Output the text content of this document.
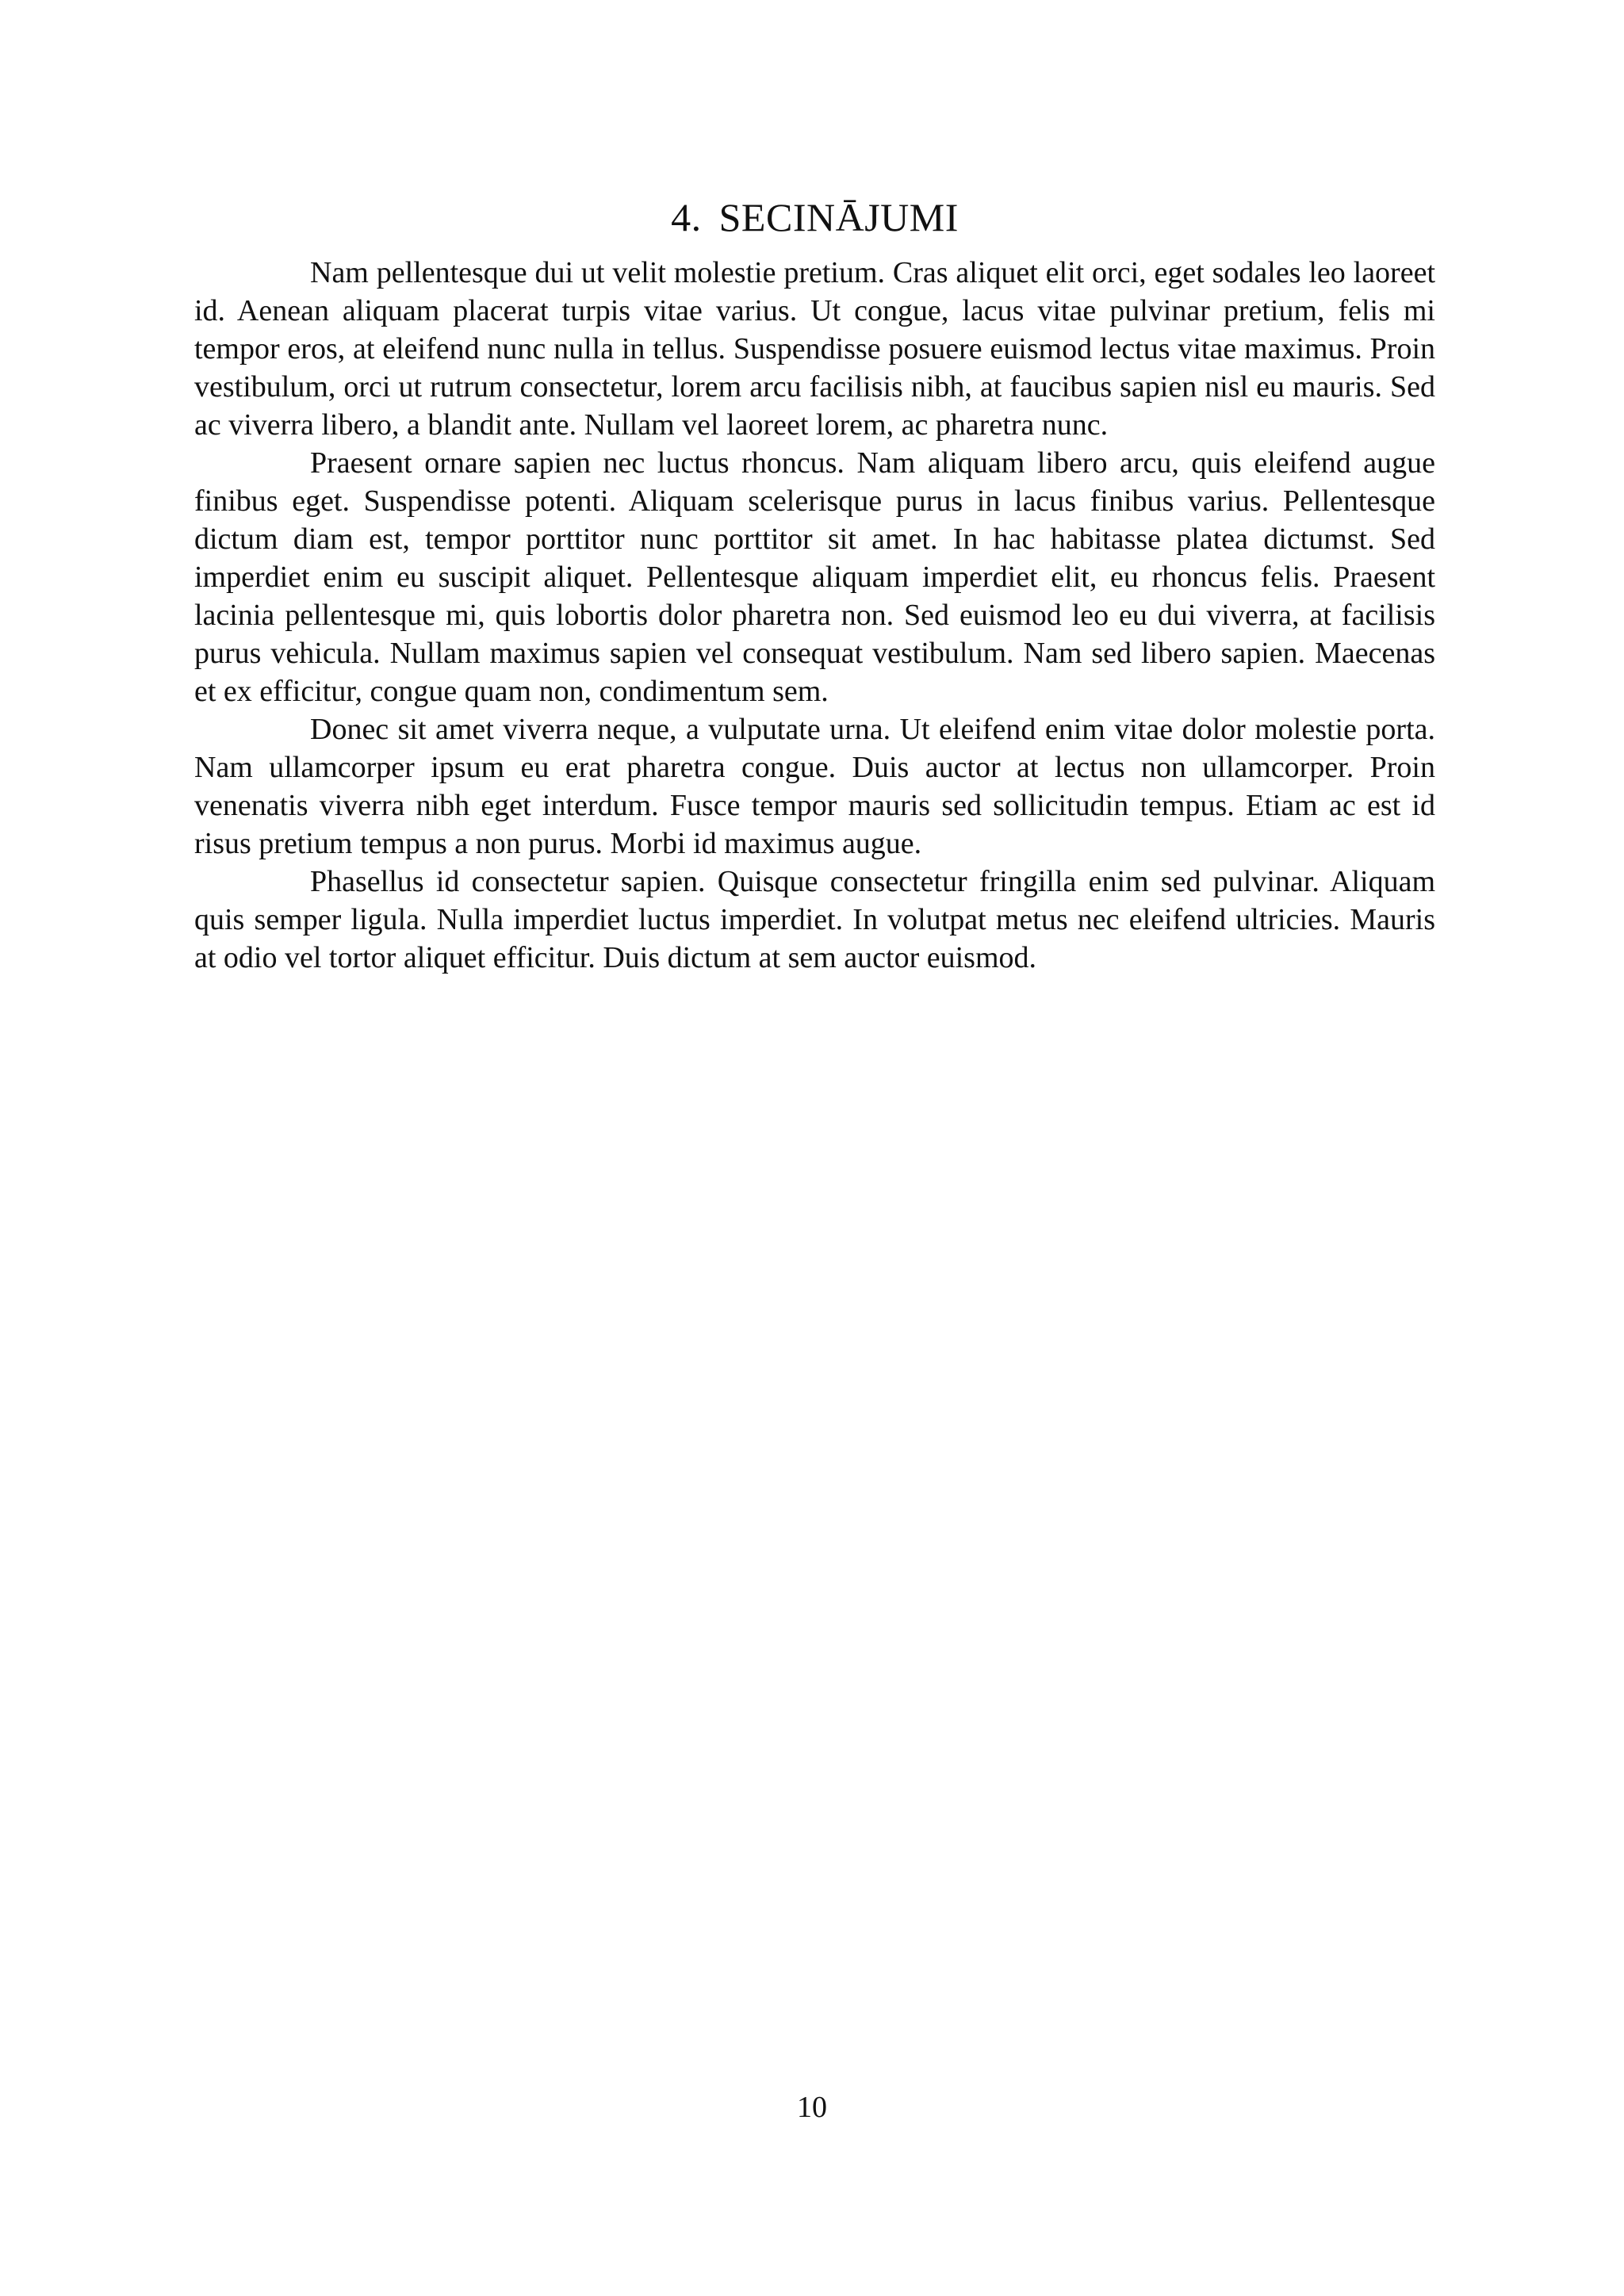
4. SECINĀJUMI

Nam pellentesque dui ut velit molestie pretium. Cras aliquet elit orci, eget sodales leo laoreet id. Aenean aliquam placerat turpis vitae varius. Ut congue, lacus vitae pulvinar pretium, felis mi tempor eros, at eleifend nunc nulla in tellus. Suspendisse posuere euismod lectus vitae maximus. Proin vestibulum, orci ut rutrum consectetur, lorem arcu facilisis nibh, at faucibus sapien nisl eu mauris. Sed ac viverra libero, a blandit ante. Nullam vel laoreet lorem, ac pharetra nunc.

Praesent ornare sapien nec luctus rhoncus. Nam aliquam libero arcu, quis eleifend augue finibus eget. Suspendisse potenti. Aliquam scelerisque purus in lacus finibus varius. Pellentesque dictum diam est, tempor porttitor nunc porttitor sit amet. In hac habitasse platea dictumst. Sed imperdiet enim eu suscipit aliquet. Pellentesque aliquam imperdiet elit, eu rhoncus felis. Praesent lacinia pellentesque mi, quis lobortis dolor pharetra non. Sed euismod leo eu dui viverra, at facilisis purus vehicula. Nullam maximus sapien vel consequat vestibulum. Nam sed libero sapien. Maecenas et ex efficitur, congue quam non, condimentum sem.

Donec sit amet viverra neque, a vulputate urna. Ut eleifend enim vitae dolor molestie porta. Nam ullamcorper ipsum eu erat pharetra congue. Duis auctor at lectus non ullamcorper. Proin venenatis viverra nibh eget interdum. Fusce tempor mauris sed sollicitudin tempus. Etiam ac est id risus pretium tempus a non purus. Morbi id maximus augue.

Phasellus id consectetur sapien. Quisque consectetur fringilla enim sed pulvinar. Aliquam quis semper ligula. Nulla imperdiet luctus imperdiet. In volutpat metus nec eleifend ultricies. Mauris at odio vel tortor aliquet efficitur. Duis dictum at sem auctor euismod.

10
